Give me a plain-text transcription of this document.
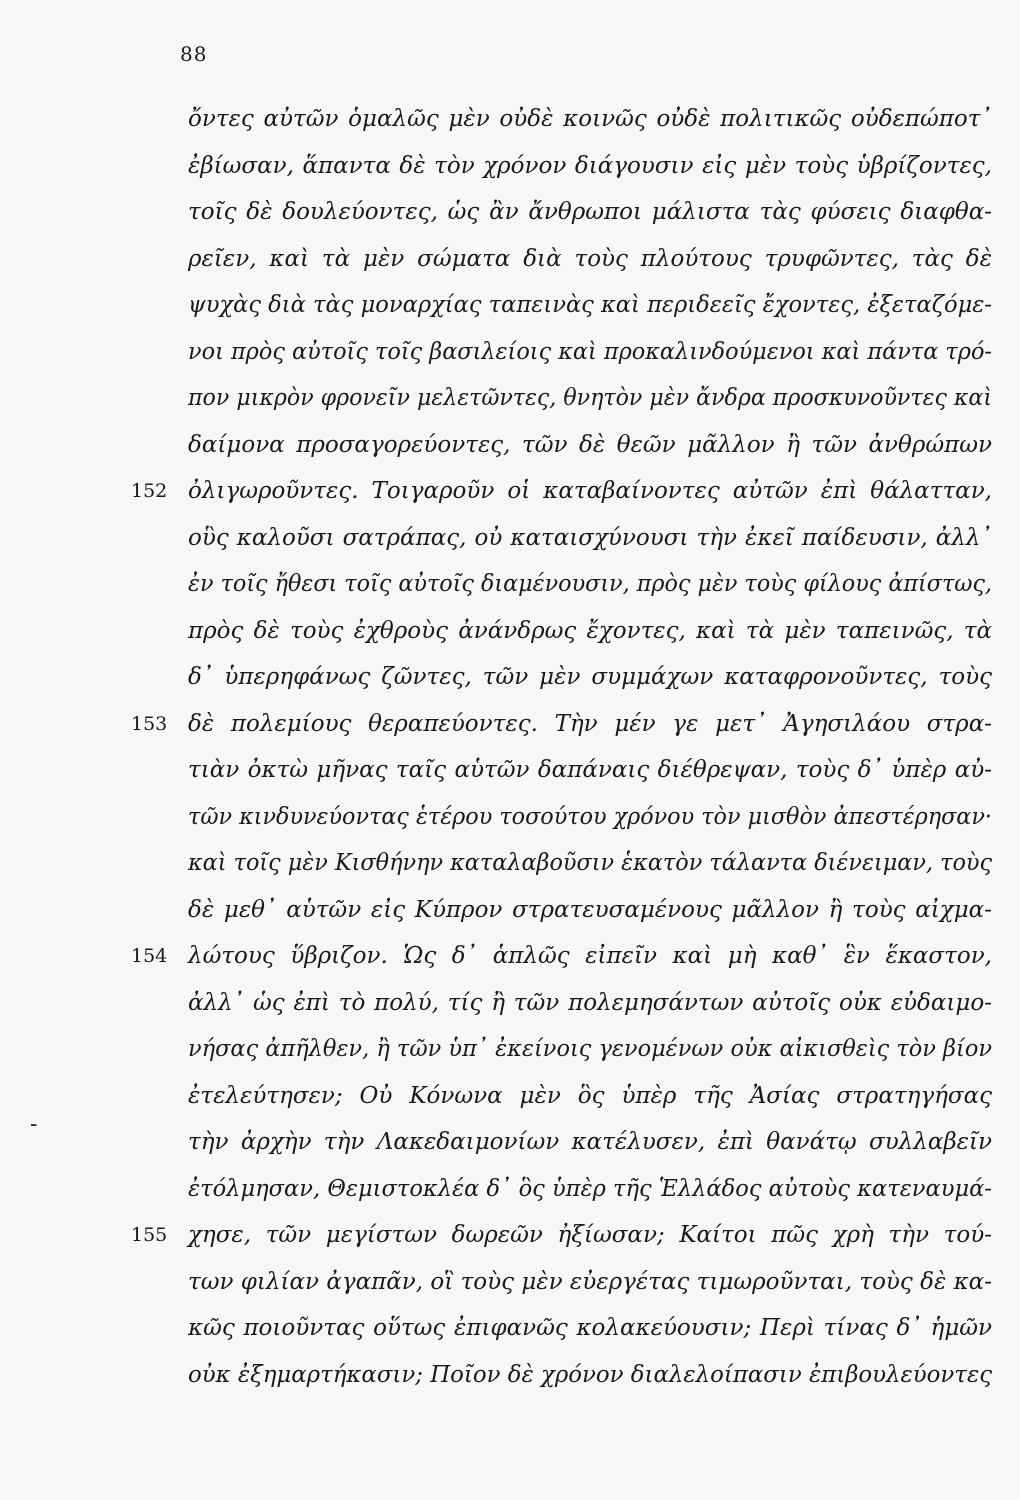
88
-
ὄντες αὐτῶν ὁμαλῶς μὲν οὐδὲ κοινῶς οὐδὲ πολιτικῶς οὐδεπώποτ᾽
ἐβίωσαν, ἅπαντα δὲ τὸν χρόνον διάγουσιν εἰς μὲν τοὺς ὑβρίζοντες,
τοῖς δὲ δουλεύοντες, ὡς ἂν ἄνθρωποι μάλιστα τὰς φύσεις διαφθα-
ρεῖεν, καὶ τὰ μὲν σώματα διὰ τοὺς πλούτους τρυφῶντες, τὰς δὲ
ψυχὰς διὰ τὰς μοναρχίας ταπεινὰς καὶ περιδεεῖς ἔχοντες, ἐξεταζόμε-
νοι πρὸς αὐτοῖς τοῖς βασιλείοις καὶ προκαλινδούμενοι καὶ πάντα τρό-
πον μικρὸν φρονεῖν μελετῶντες, θνητὸν μὲν ἄνδρα προσκυνοῦντες καὶ
δαίμονα προσαγορεύοντες, τῶν δὲ θεῶν μᾶλλον ἢ τῶν ἀνθρώπων
152 ὀλιγωροῦντες. Τοιγαροῦν οἱ καταβαίνοντες αὐτῶν ἐπὶ θάλατταν,
οὓς καλοῦσι σατράπας, οὐ καταισχύνουσι τὴν ἐκεῖ παίδευσιν, ἀλλ᾽
ἐν τοῖς ἤθεσι τοῖς αὐτοῖς διαμένουσιν, πρὸς μὲν τοὺς φίλους ἀπίστως,
πρὸς δὲ τοὺς ἐχθροὺς ἀνάνδρως ἔχοντες, καὶ τὰ μὲν ταπεινῶς, τὰ
δ᾽ ὑπερηφάνως ζῶντες, τῶν μὲν συμμάχων καταφρονοῦντες, τοὺς
153 δὲ πολεμίους θεραπεύοντες. Τὴν μέν γε μετ᾽ Ἀγησιλάου στρα-
τιὰν ὀκτὼ μῆνας ταῖς αὑτῶν δαπάναις διέθρεψαν, τοὺς δ᾽ ὑπὲρ αὐ-
τῶν κινδυνεύοντας ἑτέρου τοσούτου χρόνου τὸν μισθὸν ἀπεστέρησαν·
καὶ τοῖς μὲν Κισθήνην καταλαβοῦσιν ἑκατὸν τάλαντα διένειμαν, τοὺς
δὲ μεθ᾽ αὑτῶν εἰς Κύπρον στρατευσαμένους μᾶλλον ἢ τοὺς αἰχμα-
154 λώτους ὕβριζον. Ὡς δ᾽ ἁπλῶς εἰπεῖν καὶ μὴ καθ᾽ ἓν ἕκαστον,
ἀλλ᾽ ὡς ἐπὶ τὸ πολύ, τίς ἢ τῶν πολεμησάντων αὐτοῖς οὐκ εὐδαιμο-
νήσας ἀπῆλθεν, ἢ τῶν ὑπ᾽ ἐκείνοις γενομένων οὐκ αἰκισθεὶς τὸν βίον
ἐτελεύτησεν; Οὐ Κόνωνα μὲν ὃς ὑπὲρ τῆς Ἀσίας στρατηγήσας
τὴν ἀρχὴν τὴν Λακεδαιμονίων κατέλυσεν, ἐπὶ θανάτῳ συλλαβεῖν
ἐτόλμησαν, Θεμιστοκλέα δ᾽ ὃς ὑπὲρ τῆς Ἑλλάδος αὐτοὺς κατεναυμά-
155 χησε, τῶν μεγίστων δωρεῶν ἠξίωσαν; Καίτοι πῶς χρὴ τὴν τού-
των φιλίαν ἀγαπᾶν, οἳ τοὺς μὲν εὐεργέτας τιμωροῦνται, τοὺς δὲ κα-
κῶς ποιοῦντας οὕτως ἐπιφανῶς κολακεύουσιν; Περὶ τίνας δ᾽ ἡμῶν
οὐκ ἐξημαρτήκασιν; Ποῖον δὲ χρόνον διαλελοίπασιν ἐπιβουλεύοντες
